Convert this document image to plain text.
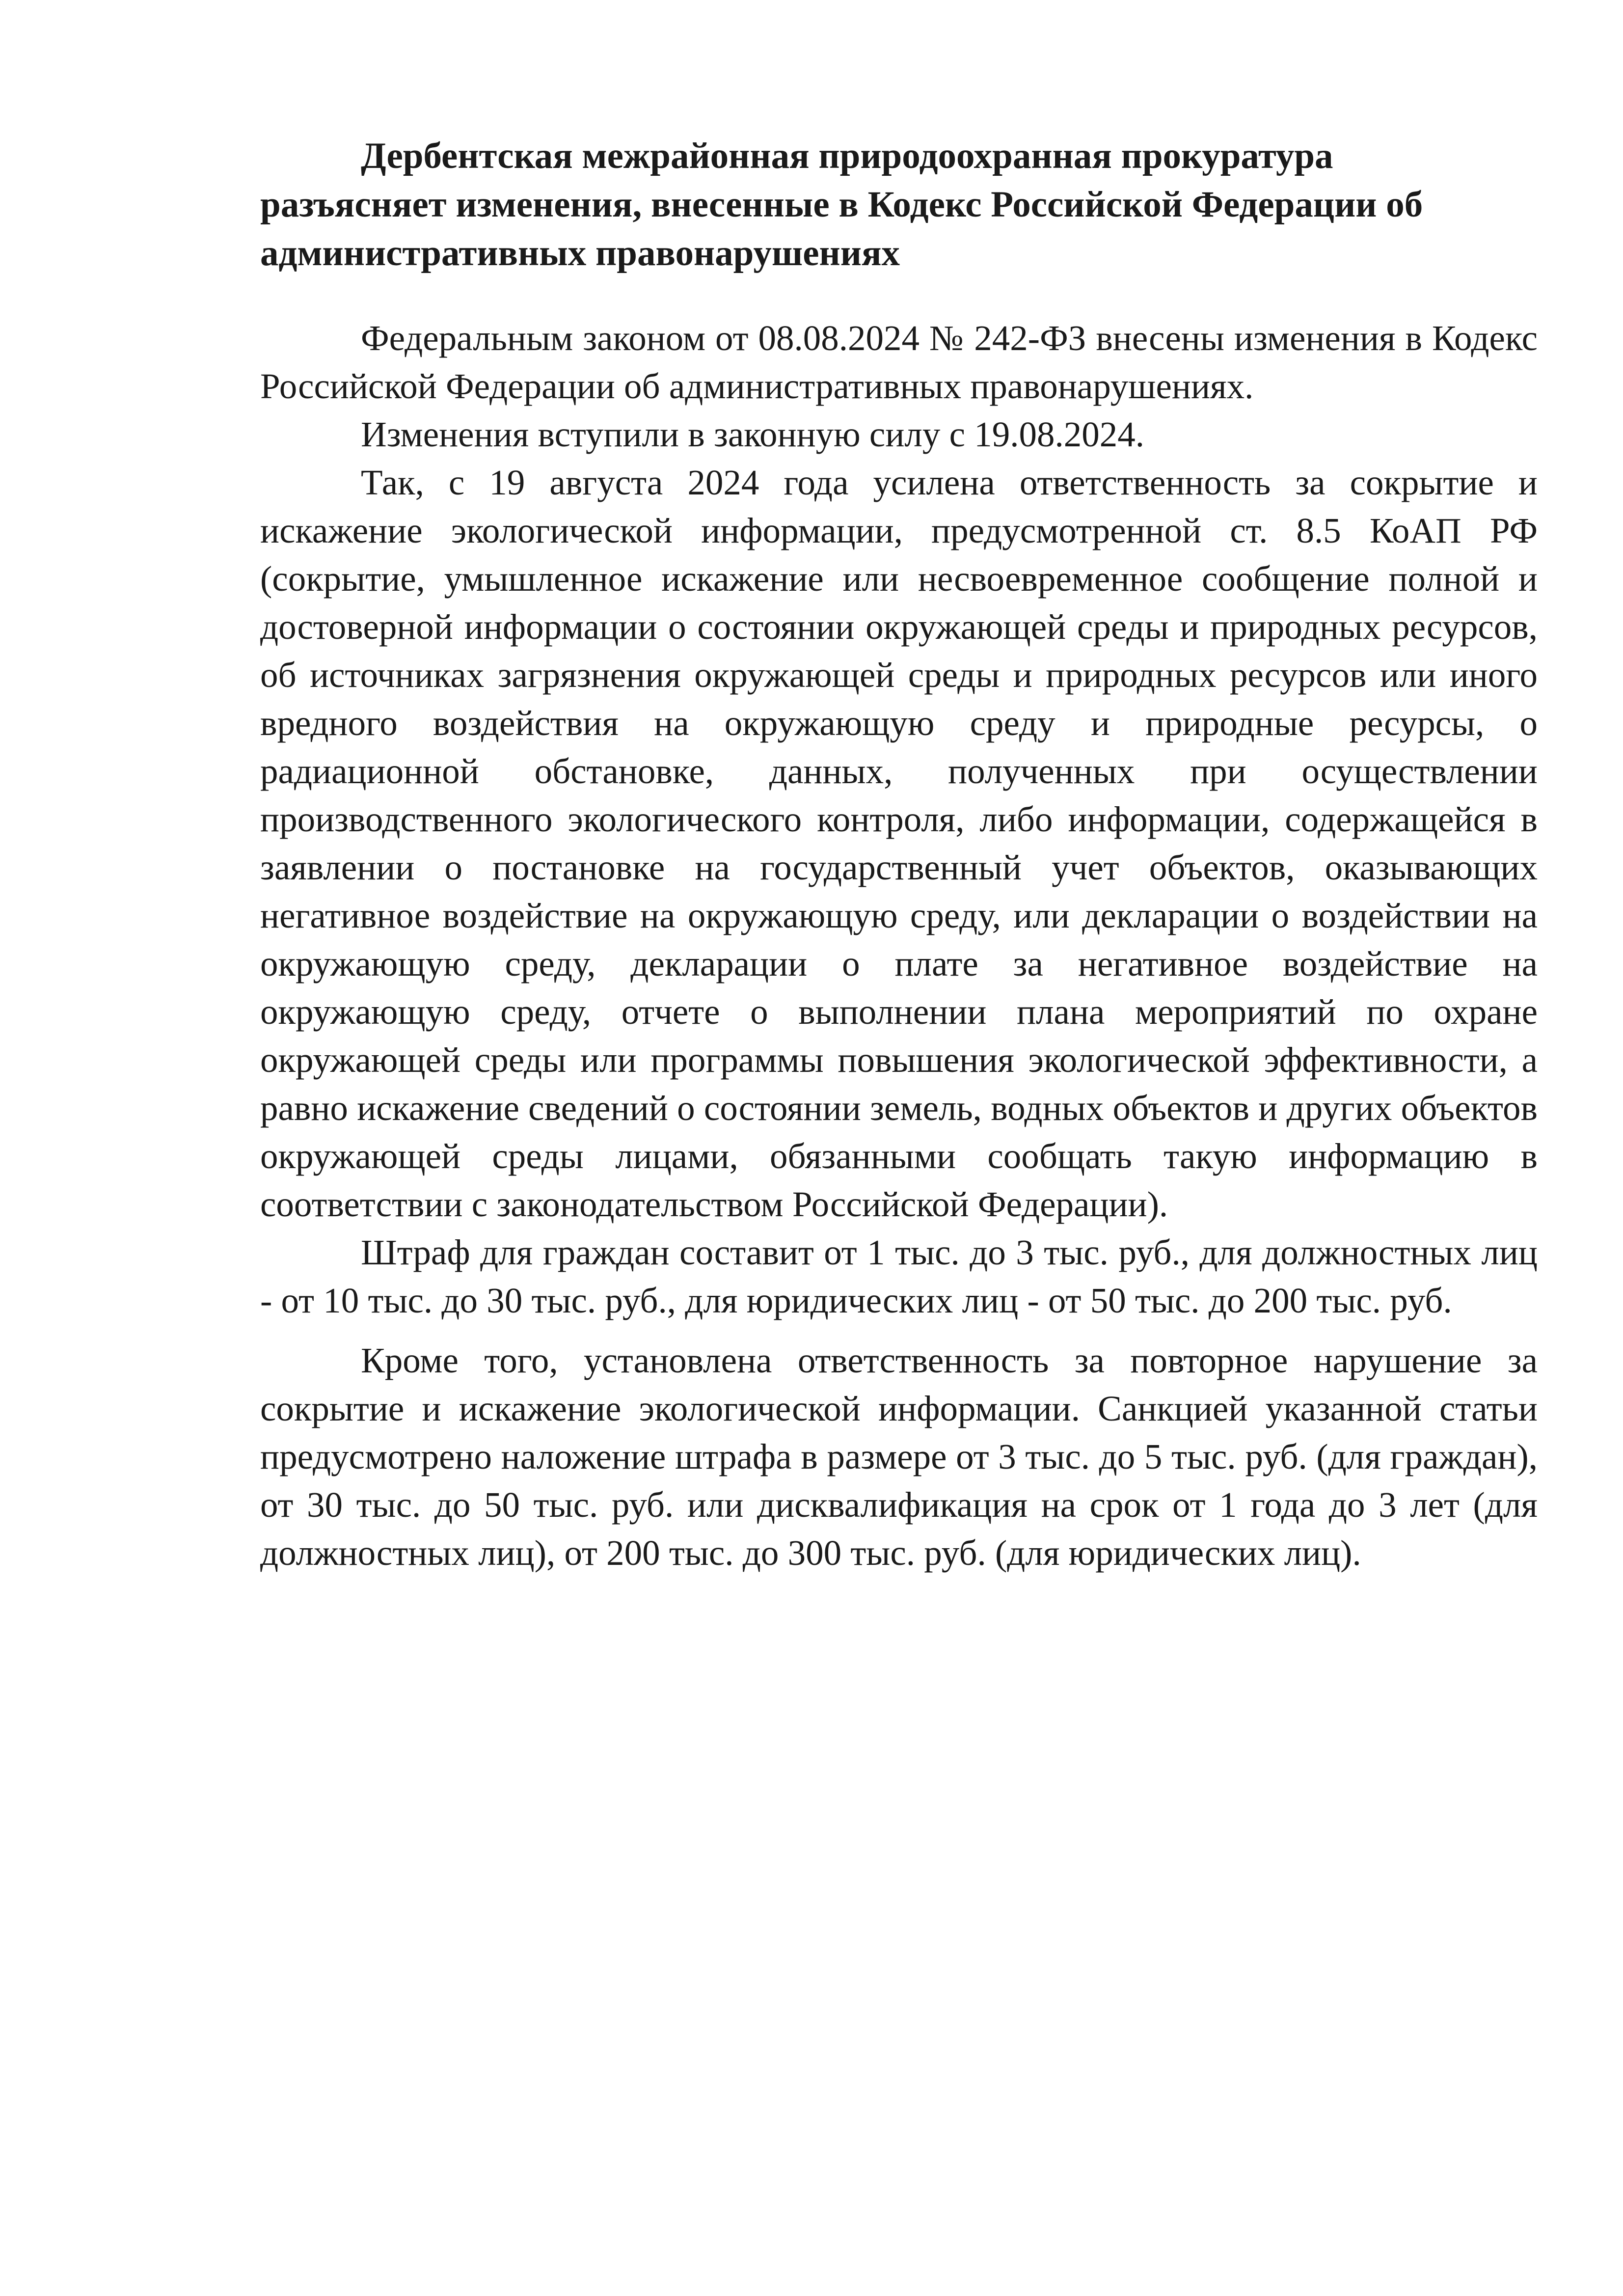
Дербентская межрайонная природоохранная прокуратура
разъясняет изменения, внесенные в Кодекс Российской Федерации об
административных правонарушениях

Федеральным законом от 08.08.2024 № 242-ФЗ внесены изменения в Кодекс Российской Федерации об административных правонарушениях.

Изменения вступили в законную силу с 19.08.2024.

Так, с 19 августа 2024 года усилена ответственность за сокрытие и искажение экологической информации, предусмотренной ст. 8.5 КоАП РФ (сокрытие, умышленное искажение или несвоевременное сообщение полной и достоверной информации о состоянии окружающей среды и природных ресурсов, об источниках загрязнения окружающей среды и природных ресурсов или иного вредного воздействия на окружающую среду и природные ресурсы, о радиационной обстановке, данных, полученных при осуществлении производственного экологического контроля, либо информации, содержащейся в заявлении о постановке на государственный учет объектов, оказывающих негативное воздействие на окружающую среду, или декларации о воздействии на окружающую среду, декларации о плате за негативное воздействие на окружающую среду, отчете о выполнении плана мероприятий по охране окружающей среды или программы повышения экологической эффективности, а равно искажение сведений о состоянии земель, водных объектов и других объектов окружающей среды лицами, обязанными сообщать такую информацию в соответствии с законодательством Российской Федерации).

Штраф для граждан составит от 1 тыс. до 3 тыс. руб., для должностных лиц - от 10 тыс. до 30 тыс. руб., для юридических лиц - от 50 тыс. до 200 тыс. руб.

Кроме того, установлена ответственность за повторное нарушение за сокрытие и искажение экологической информации. Санкцией указанной статьи предусмотрено наложение штрафа в размере от 3 тыс. до 5 тыс. руб. (для граждан), от 30 тыс. до 50 тыс. руб. или дисквалификация на срок от 1 года до 3 лет (для должностных лиц), от 200 тыс. до 300 тыс. руб. (для юридических лиц).
